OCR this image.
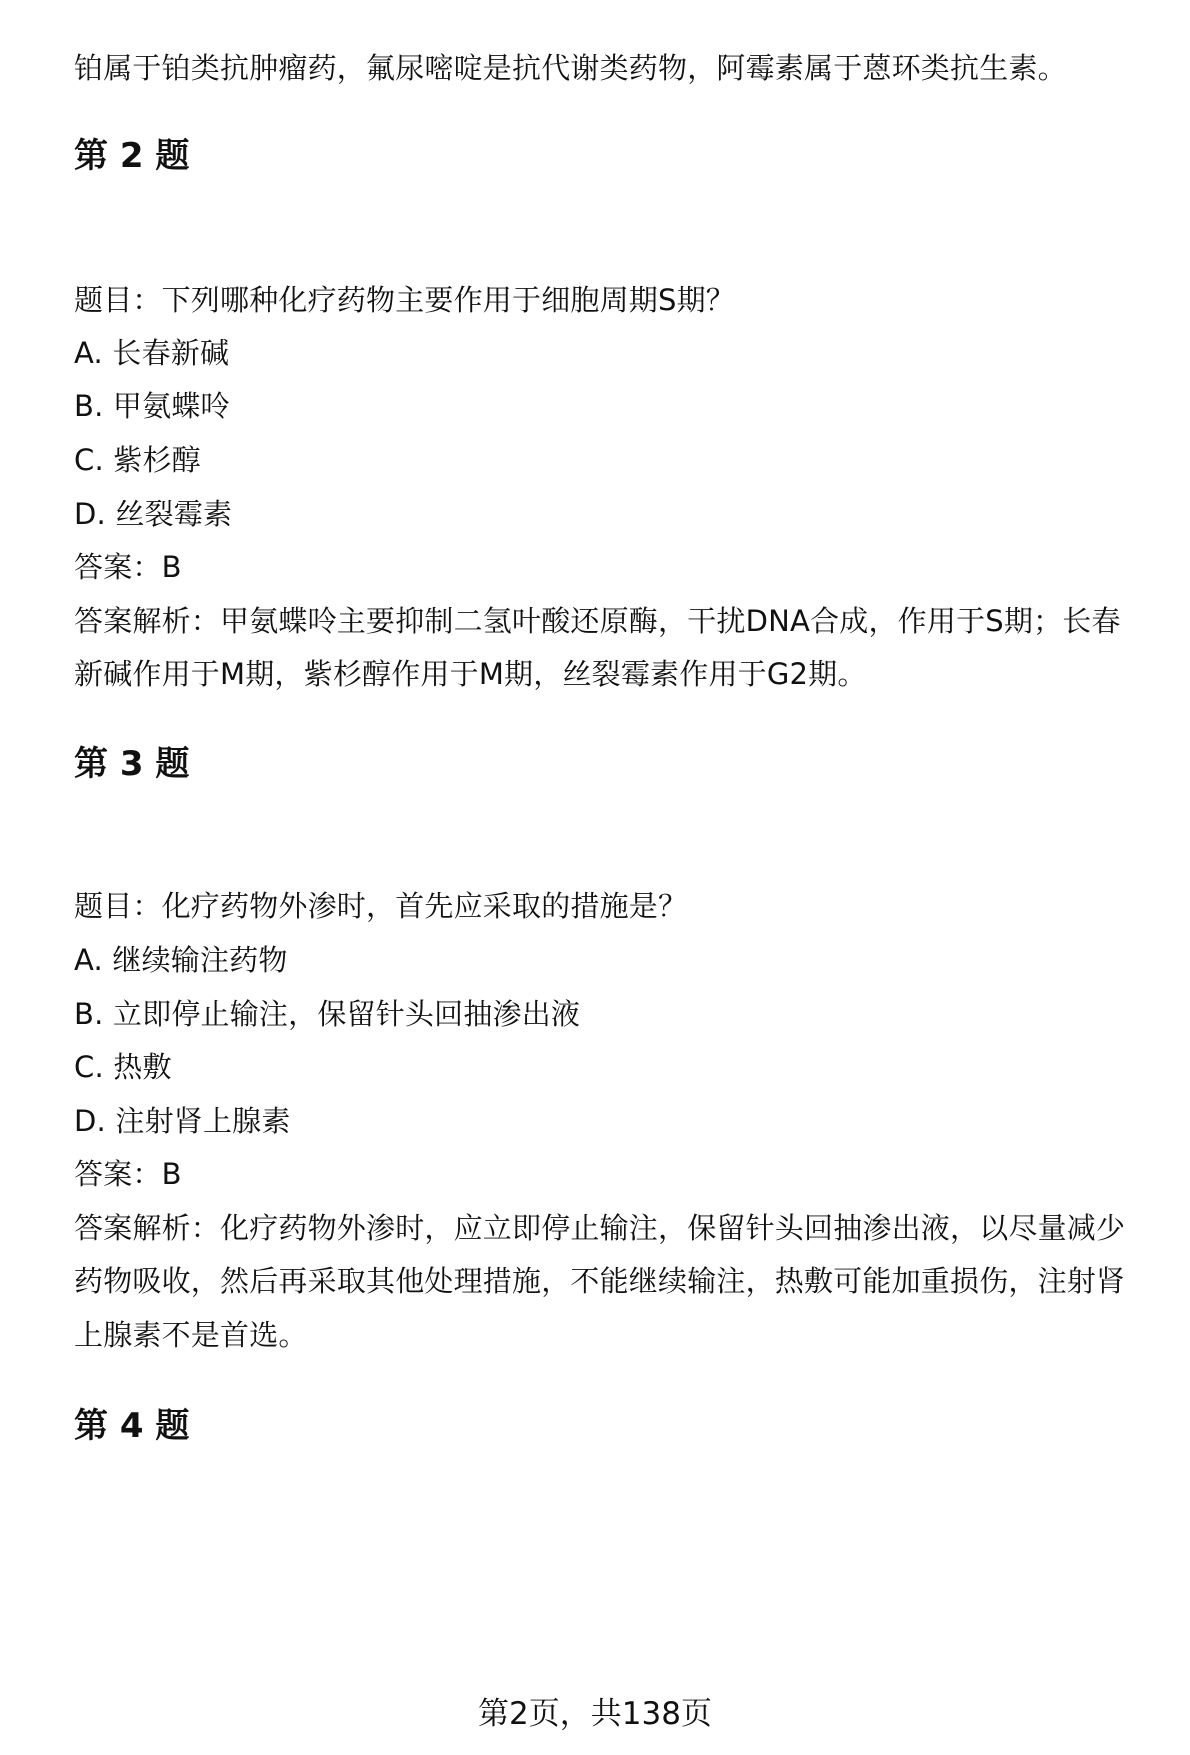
铂属于铂类抗肿瘤药，氟尿嘧啶是抗代谢类药物，阿霉素属于蒽环类抗生素。
第 2 题
题目：下列哪种化疗药物主要作用于细胞周期S期？
A. 长春新碱
B. 甲氨蝶呤
C. 紫杉醇
D. 丝裂霉素
答案：B
答案解析：甲氨蝶呤主要抑制二氢叶酸还原酶，干扰DNA合成，作用于S期；长春
新碱作用于M期，紫杉醇作用于M期，丝裂霉素作用于G2期。
第 3 题
题目：化疗药物外渗时，首先应采取的措施是？
A. 继续输注药物
B. 立即停止输注，保留针头回抽渗出液
C. 热敷
D. 注射肾上腺素
答案：B
答案解析：化疗药物外渗时，应立即停止输注，保留针头回抽渗出液，以尽量减少
药物吸收，然后再采取其他处理措施，不能继续输注，热敷可能加重损伤，注射肾
上腺素不是首选。
第 4 题
第2页，共138页
